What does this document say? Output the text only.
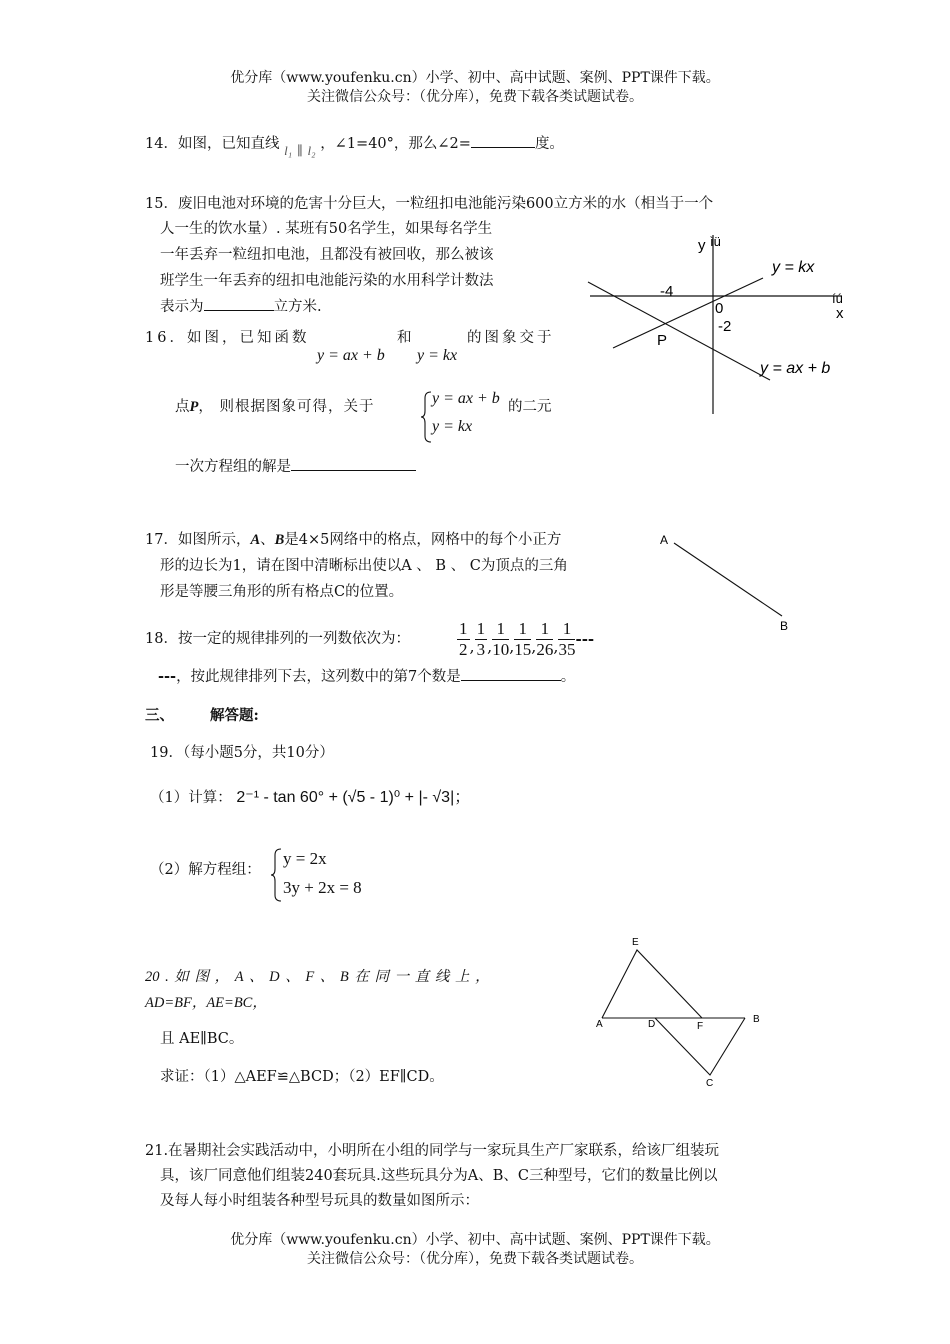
优分库（www.youfenku.cn）小学、初中、高中试题、案例、PPT课件下载。
关注微信公众号：（优分库），免费下载各类试题试卷。
14．如图，已知直线 l₁ ∥ l₂ ，∠1=40°，那么∠2=	度。
15．废旧电池对环境的危害十分巨大，一粒纽扣电池能污染600立方米的水（相当于一个
人一生的饮水量）. 某班有50名学生，如果每名学生
一年丢弃一粒纽扣电池，且都没有被回收，那么被该
班学生一年丢弃的纽扣电池能污染的水用科学计数法
表示为	立方米.
16．如图，已知函数
y = ax + b
和
y = kx
的图象交于
点P， 则根据图象可得，关于	y = ax + b
y = kx
的二元
一次方程组的解是
y ìü
íú
x
0
-4
-2
P
y = kx
y = ax + b
17．如图所示，A、B是4×5网络中的格点，网格中的每个小正方
形的边长为1，请在图中清晰标出使以A 、 B 、 C为顶点的三角
形是等腰三角形的所有格点C的位置。
A
B
18．按一定的规律排列的一列数依次为：	$\frac{1}{2}$ , $\frac{1}{3}$ , $\frac{1}{10}$ , $\frac{1}{15}$ , $\frac{1}{26}$ , $\frac{1}{35}$ ---
---，按此规律排列下去，这列数中的第7个数是	。
三、 解答题:
19．（每小题5分，共10分）
（1）计算： 2⁻¹ - tan 60° + (√5 - 1)⁰ + |- √3|；
（2）解方程组：
y = 2x
3y + 2x = 8
20 . 如 图 ， A 、 D 、 F 、 B 在 同 一 直 线 上 ，
AD=BF，AE=BC，
且 AE∥BC。
求证：（1）△AEF≌△BCD；（2）EF∥CD。
E
A	D	F
B
C
21.在暑期社会实践活动中，小明所在小组的同学与一家玩具生产厂家联系，给该厂组装玩
具，该厂同意他们组装240套玩具.这些玩具分为A、B、C三种型号，它们的数量比例以
及每人每小时组装各种型号玩具的数量如图所示：
优分库（www.youfenku.cn）小学、初中、高中试题、案例、PPT课件下载。
关注微信公众号：（优分库），免费下载各类试题试卷。
